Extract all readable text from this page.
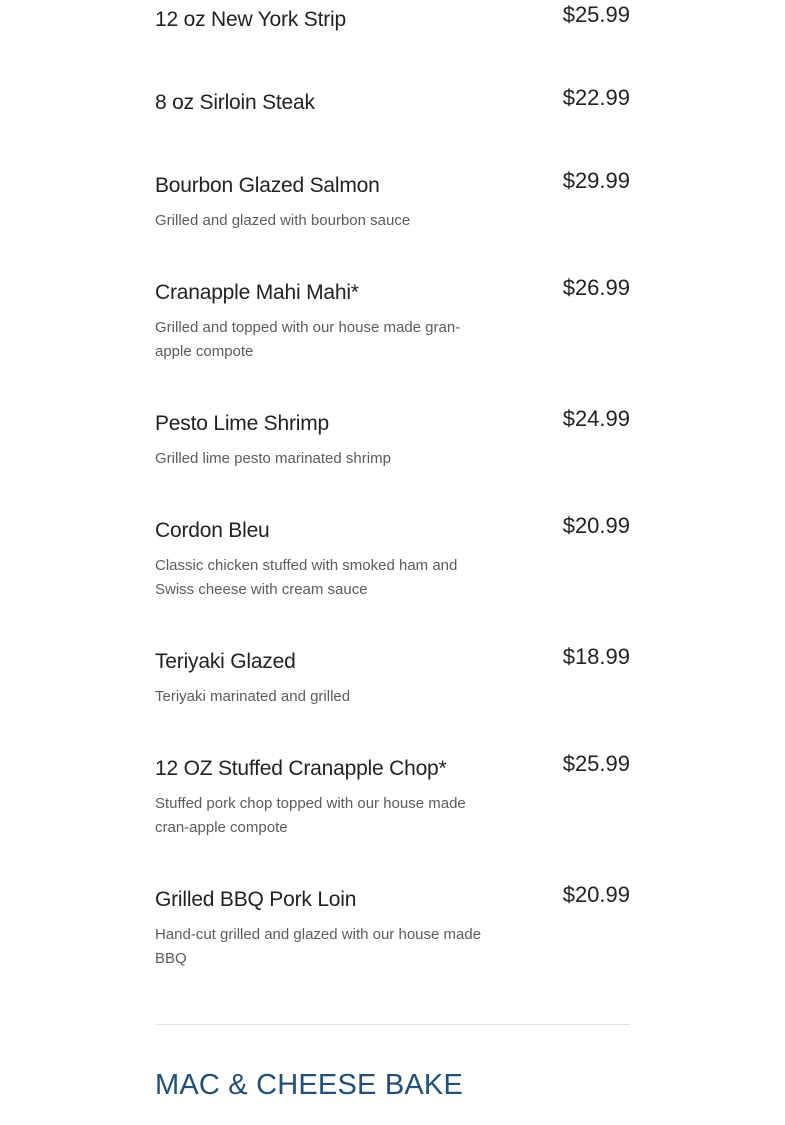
12 oz New York Strip	$25.99
8 oz Sirloin Steak	$22.99
Bourbon Glazed Salmon
Grilled and glazed with bourbon sauce
$29.99
Cranapple Mahi Mahi*
Grilled and topped with our house made gran-apple compote
$26.99
Pesto Lime Shrimp
Grilled lime pesto marinated shrimp
$24.99
Cordon Bleu
Classic chicken stuffed with smoked ham and Swiss cheese with cream sauce
$20.99
Teriyaki Glazed
Teriyaki marinated and grilled
$18.99
12 OZ Stuffed Cranapple Chop*
Stuffed pork chop topped with our house made cran-apple compote
$25.99
Grilled BBQ Pork Loin
Hand-cut grilled and glazed with our house made BBQ
$20.99
MAC & CHEESE BAKE
